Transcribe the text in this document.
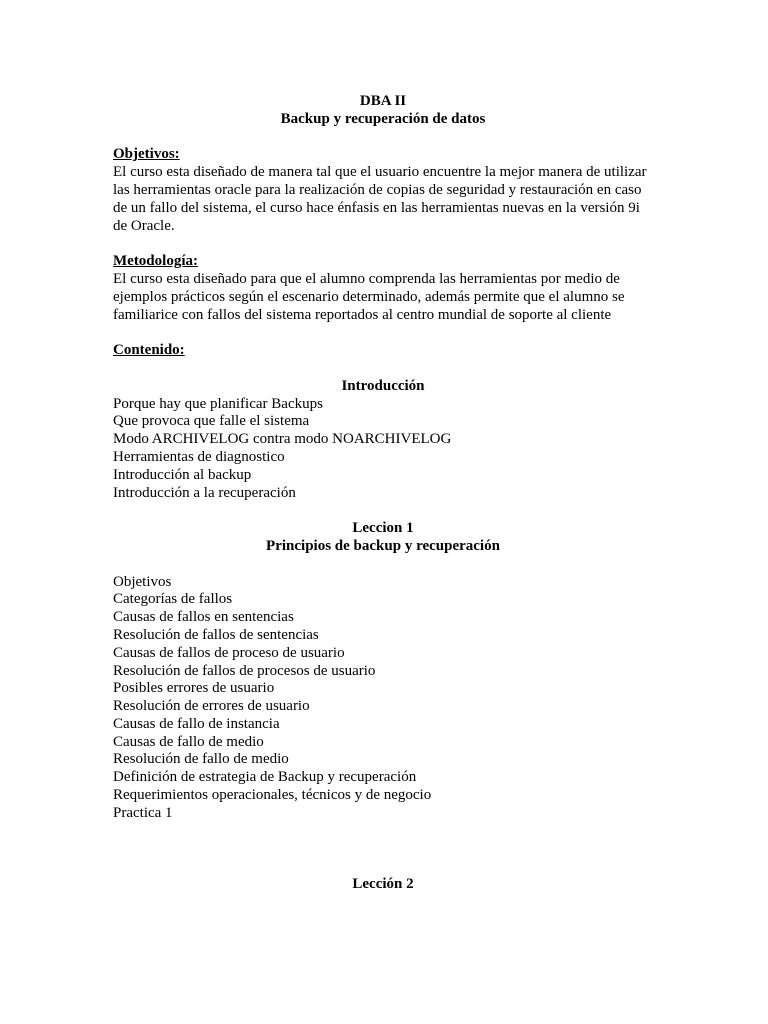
DBA II
Backup y recuperación de datos
Objetivos:
El curso esta diseñado de manera tal que el usuario encuentre la mejor manera de utilizar
las herramientas oracle para la realización de copias de seguridad y restauración en caso
de un fallo del sistema, el curso hace énfasis en las herramientas nuevas en la versión 9i
de Oracle.
Metodología:
El curso esta diseñado para que el alumno comprenda las herramientas por medio de
ejemplos prácticos según el escenario determinado, además permite que el alumno se
familiarice con fallos del sistema reportados al centro mundial de soporte al cliente
Contenido:
Introducción
Porque hay que planificar Backups
Que provoca que falle el sistema
Modo ARCHIVELOG contra modo NOARCHIVELOG
Herramientas de diagnostico
Introducción al backup
Introducción a la recuperación
Leccion 1
Principios de backup y recuperación
Objetivos
Categorías de fallos
Causas de fallos en sentencias
Resolución de fallos de sentencias
Causas de fallos de proceso de usuario
Resolución de fallos de procesos de usuario
Posibles errores de usuario
Resolución de errores de usuario
Causas de fallo de instancia
Causas de fallo de medio
Resolución de fallo de medio
Definición de estrategia de Backup y recuperación
Requerimientos operacionales, técnicos y de negocio
Practica 1
Lección 2
